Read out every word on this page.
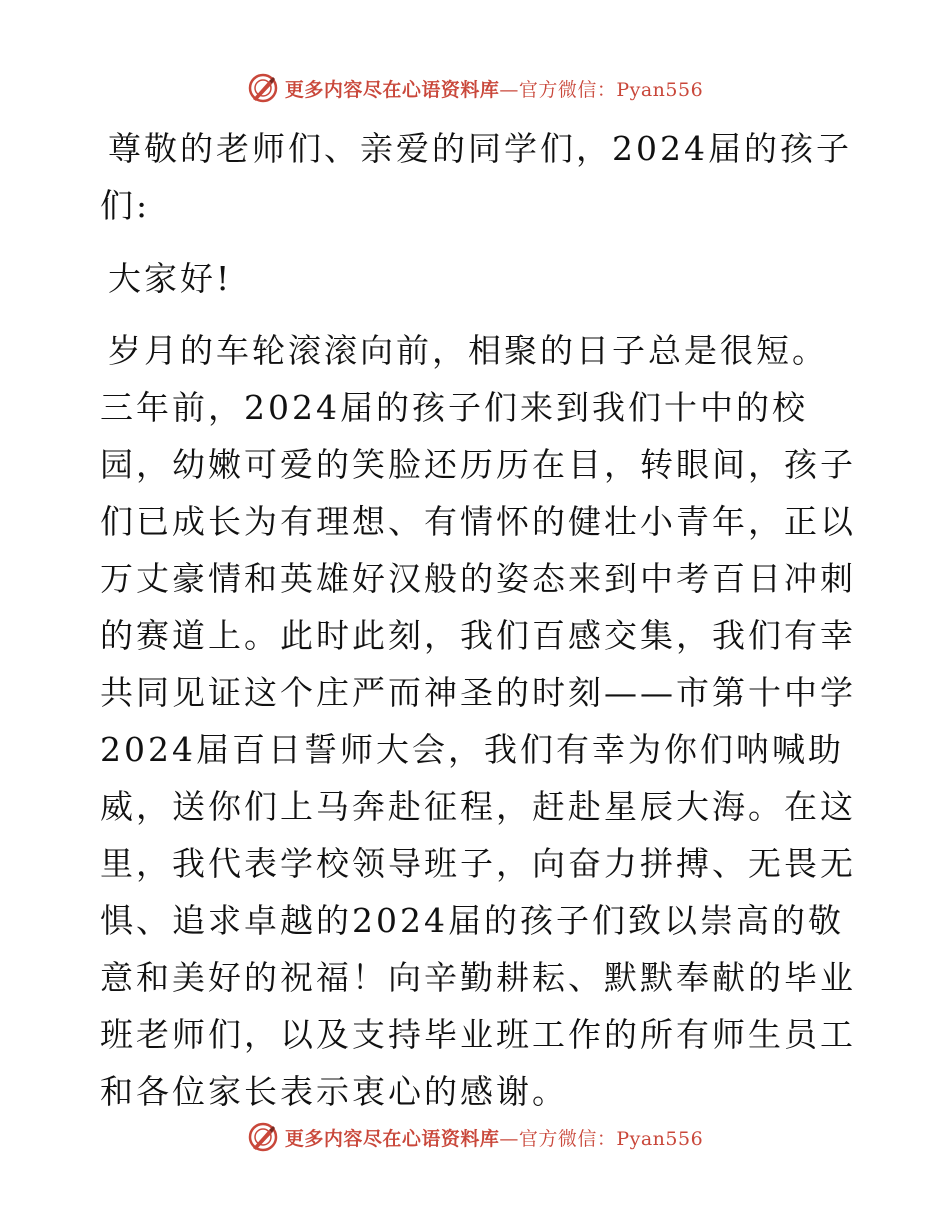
更多内容尽在心语资料库—官方微信：Pyan556

尊敬的老师们、亲爱的同学们，2024届的孩子们:

大家好!

岁月的车轮滚滚向前，相聚的日子总是很短。三年前，2024届的孩子们来到我们十中的校园，幼嫩可爱的笑脸还历历在目，转眼间，孩子们已成长为有理想、有情怀的健壮小青年，正以万丈豪情和英雄好汉般的姿态来到中考百日冲刺的赛道上。此时此刻，我们百感交集，我们有幸共同见证这个庄严而神圣的时刻——市第十中学2024届百日誓师大会，我们有幸为你们呐喊助威，送你们上马奔赴征程，赶赴星辰大海。在这里，我代表学校领导班子，向奋力拼搏、无畏无惧、追求卓越的2024届的孩子们致以崇高的敬意和美好的祝福！向辛勤耕耘、默默奉献的毕业班老师们，以及支持毕业班工作的所有师生员工和各位家长表示衷心的感谢。

更多内容尽在心语资料库—官方微信：Pyan556
